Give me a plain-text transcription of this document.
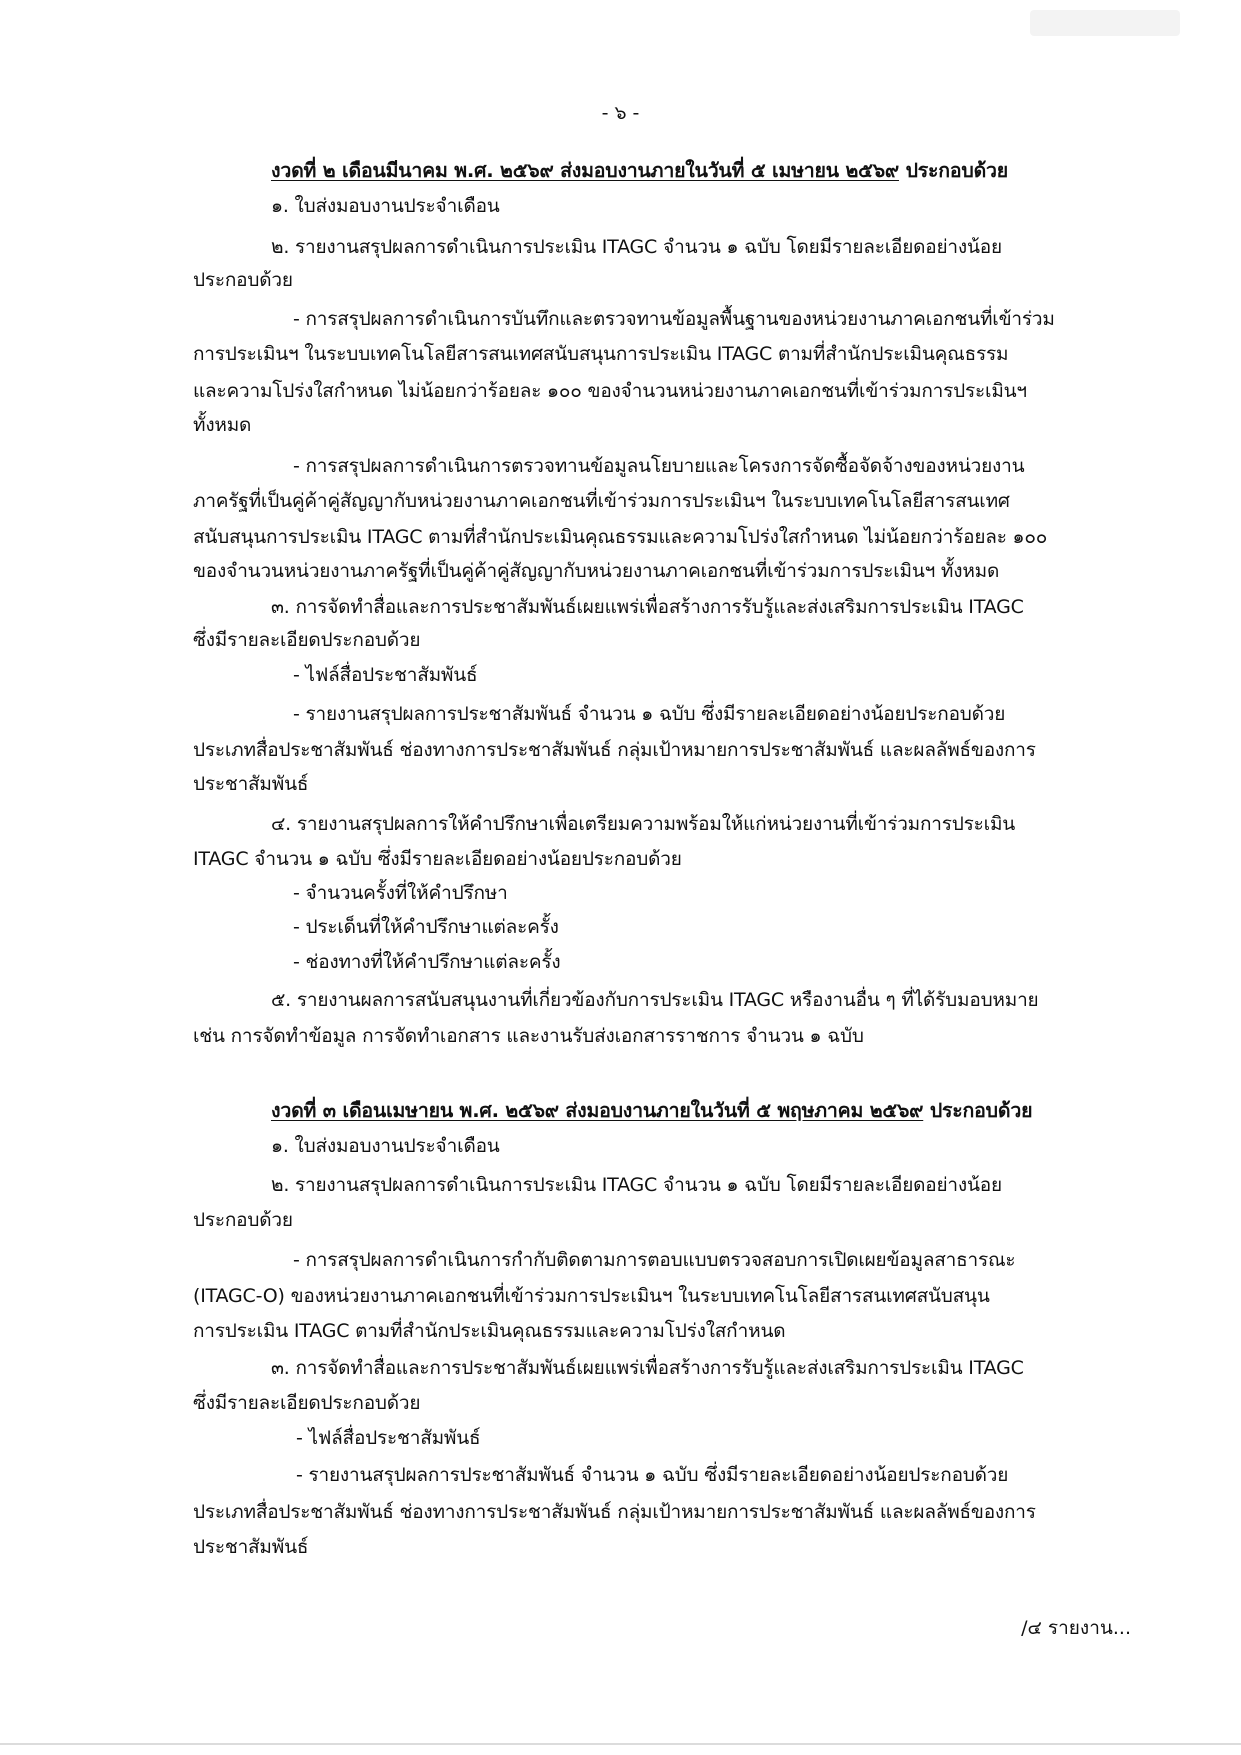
- ๖ -
งวดที่ ๒ เดือนมีนาคม พ.ศ. ๒๕๖๙ ส่งมอบงานภายในวันที่ ๕ เมษายน ๒๕๖๙ ประกอบด้วย
๑. ใบส่งมอบงานประจำเดือน
๒. รายงานสรุปผลการดำเนินการประเมิน ITAGC จำนวน ๑ ฉบับ โดยมีรายละเอียดอย่างน้อย
ประกอบด้วย
- การสรุปผลการดำเนินการบันทึกและตรวจทานข้อมูลพื้นฐานของหน่วยงานภาคเอกชนที่เข้าร่วม
การประเมินฯ ในระบบเทคโนโลยีสารสนเทศสนับสนุนการประเมิน ITAGC ตามที่สำนักประเมินคุณธรรม
และความโปร่งใสกำหนด ไม่น้อยกว่าร้อยละ ๑๐๐ ของจำนวนหน่วยงานภาคเอกชนที่เข้าร่วมการประเมินฯ
ทั้งหมด
- การสรุปผลการดำเนินการตรวจทานข้อมูลนโยบายและโครงการจัดซื้อจัดจ้างของหน่วยงาน
ภาครัฐที่เป็นคู่ค้าคู่สัญญากับหน่วยงานภาคเอกชนที่เข้าร่วมการประเมินฯ ในระบบเทคโนโลยีสารสนเทศ
สนับสนุนการประเมิน ITAGC ตามที่สำนักประเมินคุณธรรมและความโปร่งใสกำหนด ไม่น้อยกว่าร้อยละ ๑๐๐
ของจำนวนหน่วยงานภาครัฐที่เป็นคู่ค้าคู่สัญญากับหน่วยงานภาคเอกชนที่เข้าร่วมการประเมินฯ ทั้งหมด
๓. การจัดทำสื่อและการประชาสัมพันธ์เผยแพร่เพื่อสร้างการรับรู้และส่งเสริมการประเมิน ITAGC
ซึ่งมีรายละเอียดประกอบด้วย
- ไฟล์สื่อประชาสัมพันธ์
- รายงานสรุปผลการประชาสัมพันธ์ จำนวน ๑ ฉบับ ซึ่งมีรายละเอียดอย่างน้อยประกอบด้วย
ประเภทสื่อประชาสัมพันธ์ ช่องทางการประชาสัมพันธ์ กลุ่มเป้าหมายการประชาสัมพันธ์ และผลลัพธ์ของการ
ประชาสัมพันธ์
๔. รายงานสรุปผลการให้คำปรึกษาเพื่อเตรียมความพร้อมให้แก่หน่วยงานที่เข้าร่วมการประเมิน
ITAGC จำนวน ๑ ฉบับ ซึ่งมีรายละเอียดอย่างน้อยประกอบด้วย
- จำนวนครั้งที่ให้คำปรึกษา
- ประเด็นที่ให้คำปรึกษาแต่ละครั้ง
- ช่องทางที่ให้คำปรึกษาแต่ละครั้ง
๕. รายงานผลการสนับสนุนงานที่เกี่ยวข้องกับการประเมิน ITAGC หรืองานอื่น ๆ ที่ได้รับมอบหมาย
เช่น การจัดทำข้อมูล การจัดทำเอกสาร และงานรับส่งเอกสารราชการ จำนวน ๑ ฉบับ
งวดที่ ๓ เดือนเมษายน พ.ศ. ๒๕๖๙ ส่งมอบงานภายในวันที่ ๕ พฤษภาคม ๒๕๖๙ ประกอบด้วย
๑. ใบส่งมอบงานประจำเดือน
๒. รายงานสรุปผลการดำเนินการประเมิน ITAGC จำนวน ๑ ฉบับ โดยมีรายละเอียดอย่างน้อย
ประกอบด้วย
- การสรุปผลการดำเนินการกำกับติดตามการตอบแบบตรวจสอบการเปิดเผยข้อมูลสาธารณะ
(ITAGC-O) ของหน่วยงานภาคเอกชนที่เข้าร่วมการประเมินฯ ในระบบเทคโนโลยีสารสนเทศสนับสนุน
การประเมิน ITAGC ตามที่สำนักประเมินคุณธรรมและความโปร่งใสกำหนด
๓. การจัดทำสื่อและการประชาสัมพันธ์เผยแพร่เพื่อสร้างการรับรู้และส่งเสริมการประเมิน ITAGC
ซึ่งมีรายละเอียดประกอบด้วย
- ไฟล์สื่อประชาสัมพันธ์
- รายงานสรุปผลการประชาสัมพันธ์ จำนวน ๑ ฉบับ ซึ่งมีรายละเอียดอย่างน้อยประกอบด้วย
ประเภทสื่อประชาสัมพันธ์ ช่องทางการประชาสัมพันธ์ กลุ่มเป้าหมายการประชาสัมพันธ์ และผลลัพธ์ของการ
ประชาสัมพันธ์
/๔ รายงาน...
